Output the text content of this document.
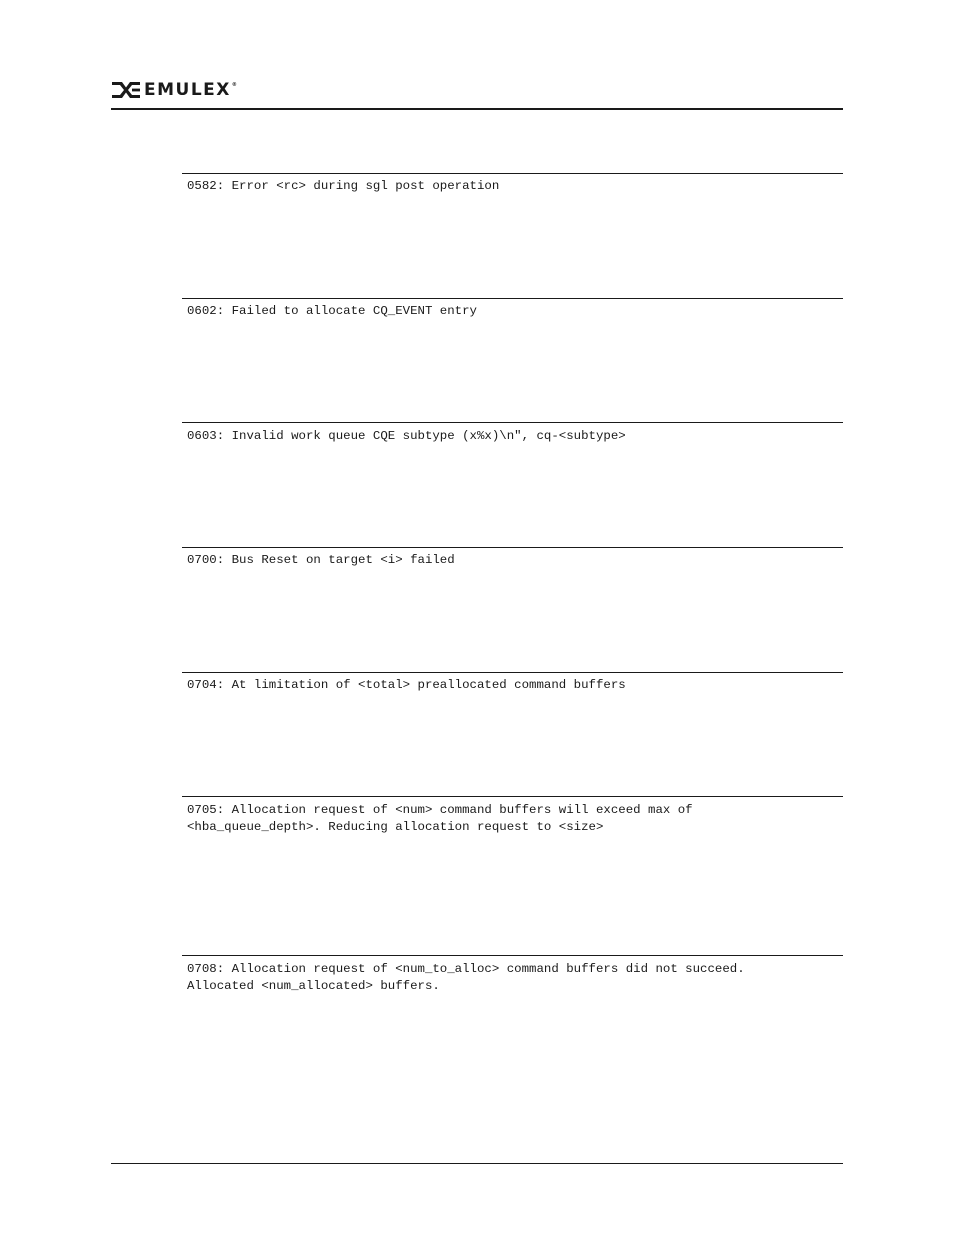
EMULEX®

0582: Error <rc> during sgl post operation

0602: Failed to allocate CQ_EVENT entry

0603: Invalid work queue CQE subtype (x%x)\n", cq-<subtype>

0700: Bus Reset on target <i> failed

0704: At limitation of <total> preallocated command buffers

0705: Allocation request of <num> command buffers will exceed max of
<hba_queue_depth>. Reducing allocation request to <size>

0708: Allocation request of <num_to_alloc> command buffers did not succeed.
Allocated <num_allocated> buffers.
